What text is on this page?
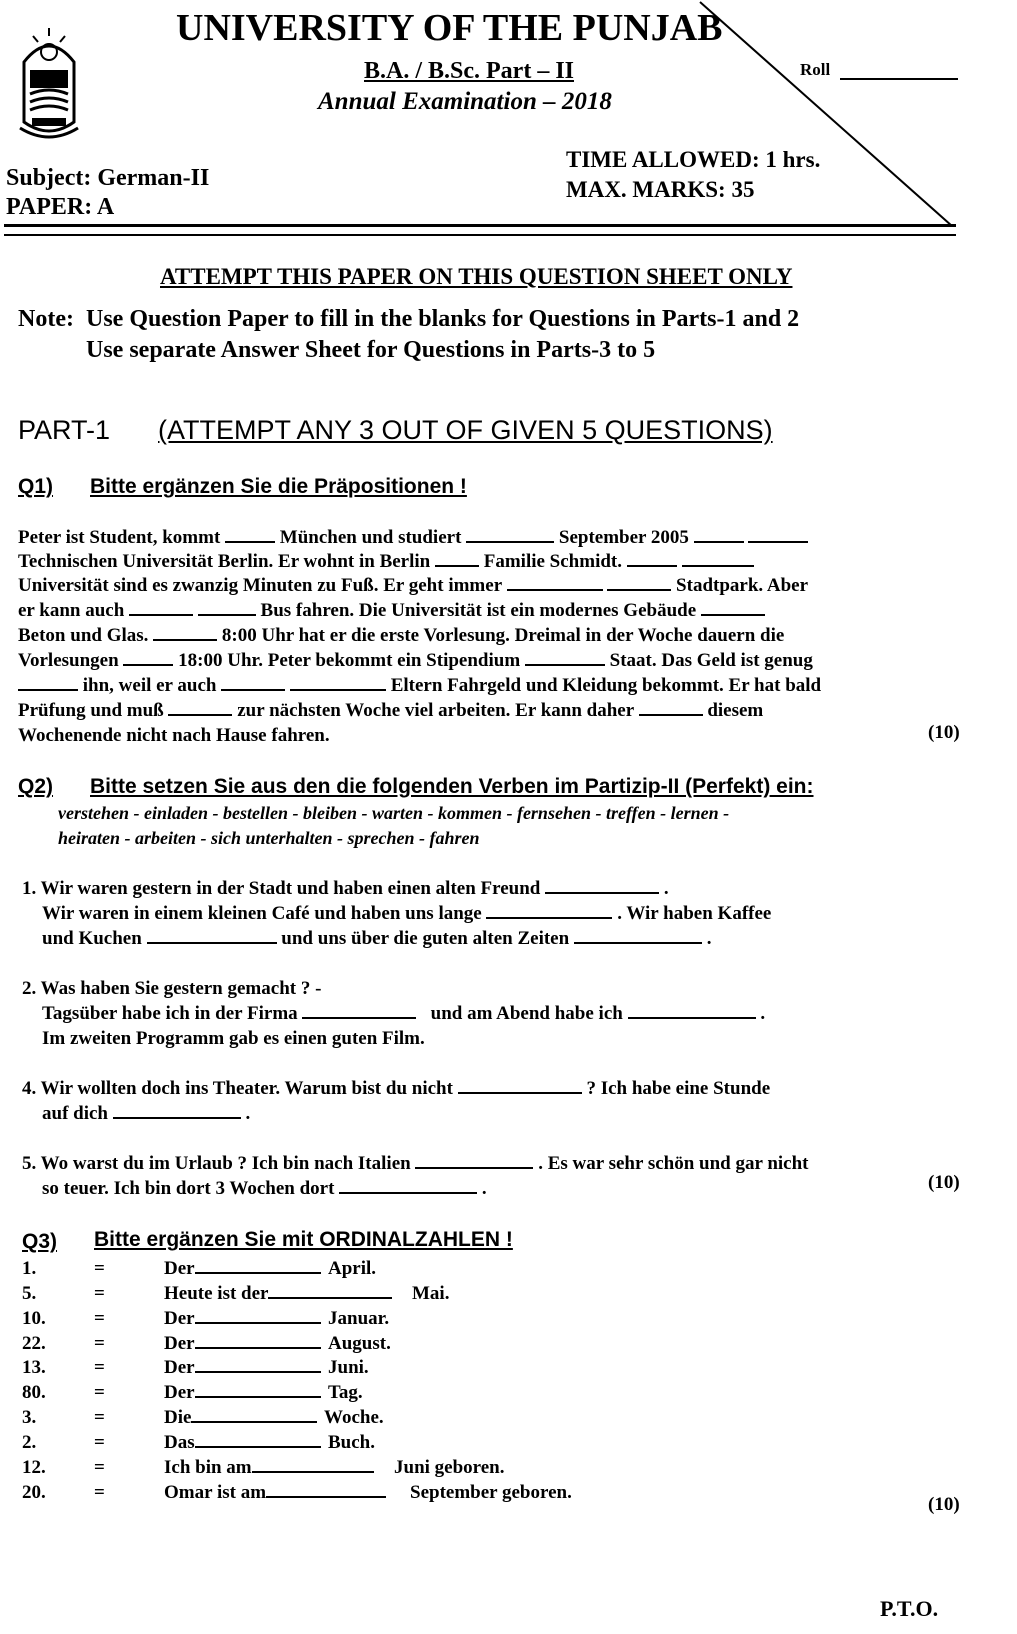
UNIVERSITY OF THE PUNJAB
B.A. / B.Sc. Part – II
Annual Examination – 2018
Roll
Subject: German-II
PAPER: A
TIME ALLOWED: 1 hrs.
MAX. MARKS: 35
ATTEMPT THIS PAPER ON THIS QUESTION SHEET ONLY
Note: Use Question Paper to fill in the blanks for Questions in Parts-1 and 2
Use separate Answer Sheet for Questions in Parts-3 to 5
PART-1 (ATTEMPT ANY 3 OUT OF GIVEN 5 QUESTIONS)
Q1) Bitte ergänzen Sie die Präpositionen !
Peter ist Student, kommt	München und studiert	September 2005
Technischen Universität Berlin. Er wohnt in Berlin	Familie Schmidt.
Universität sind es zwanzig Minuten zu Fuß. Er geht immer	Stadtpark. Aber
er kann auch	Bus fahren. Die Universität ist ein modernes Gebäude
Beton und Glas.	8:00 Uhr hat er die erste Vorlesung. Dreimal in der Woche dauern die
Vorlesungen	18:00 Uhr. Peter bekommt ein Stipendium	Staat. Das Geld ist genug
ihn, weil er auch	Eltern Fahrgeld und Kleidung bekommt. Er hat bald
Prüfung und muß	zur nächsten Woche viel arbeiten. Er kann daher	diesem
Wochenende nicht nach Hause fahren.	(10)
Q2) Bitte setzen Sie aus den die folgenden Verben im Partizip-II (Perfekt) ein:
verstehen - einladen - bestellen - bleiben - warten - kommen - fernsehen - treffen - lernen -
heiraten - arbeiten - sich unterhalten - sprechen - fahren
1. Wir waren gestern in der Stadt und haben einen alten Freund	.
Wir waren in einem kleinen Café und haben uns lange	. Wir haben Kaffee
und Kuchen	und uns über die guten alten Zeiten	.
2. Was haben Sie gestern gemacht ? -
Tagsüber habe ich in der Firma	und am Abend habe ich	.
Im zweiten Programm gab es einen guten Film.
4. Wir wollten doch ins Theater. Warum bist du nicht	? Ich habe eine Stunde
auf dich	.
5. Wo warst du im Urlaub ? Ich bin nach Italien	. Es war sehr schön und gar nicht
so teuer. Ich bin dort 3 Wochen dort	.	(10)
Q3) Bitte ergänzen Sie mit ORDINALZAHLEN !
1.	=	Der	April.
5.	=	Heute ist der	Mai.
10.	=	Der	Januar.
22.	=	Der	August.
13.	=	Der	Juni.
80.	=	Der	Tag.
3.	=	Die	Woche.
2.	=	Das	Buch.
12.	=	Ich bin am	Juni geboren.
20.	=	Omar ist am	September geboren.
(10)
P.T.O.
